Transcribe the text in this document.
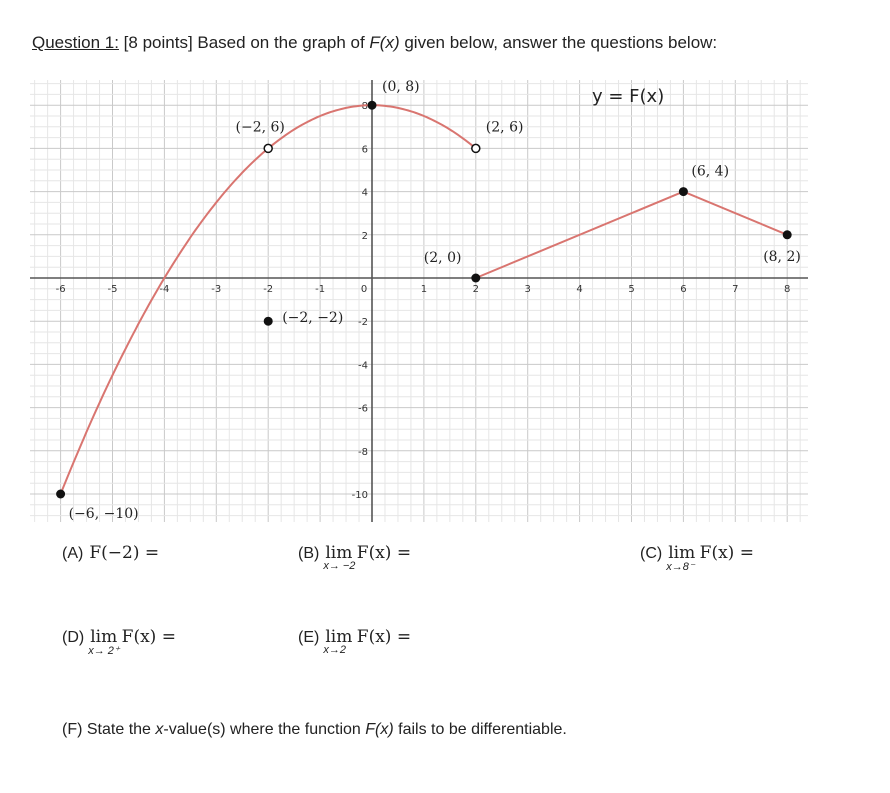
Question 1: [8 points] Based on the graph of F(x) given below, answer the questions below:
-6	-5	-4	-3	-2	-1	0	1	2	3	4	5	6	7	8
-10
-8
-6
-4
-2
2
4
6
8
(0, 8)
(−2, 6)	(2, 6)
(6, 4)
(2, 0)	(8, 2)
(−2, −2)
(−6, −10)
y = F(x)
(A) F(−2) =	(B) lim
x→ −2
F(x) =	(C) lim
x→8⁻
F(x) =
(D) lim
x→ 2⁺
F(x) =	(E) lim
x→2
F(x) =
(F) State the x-value(s) where the function F(x) fails to be differentiable.
